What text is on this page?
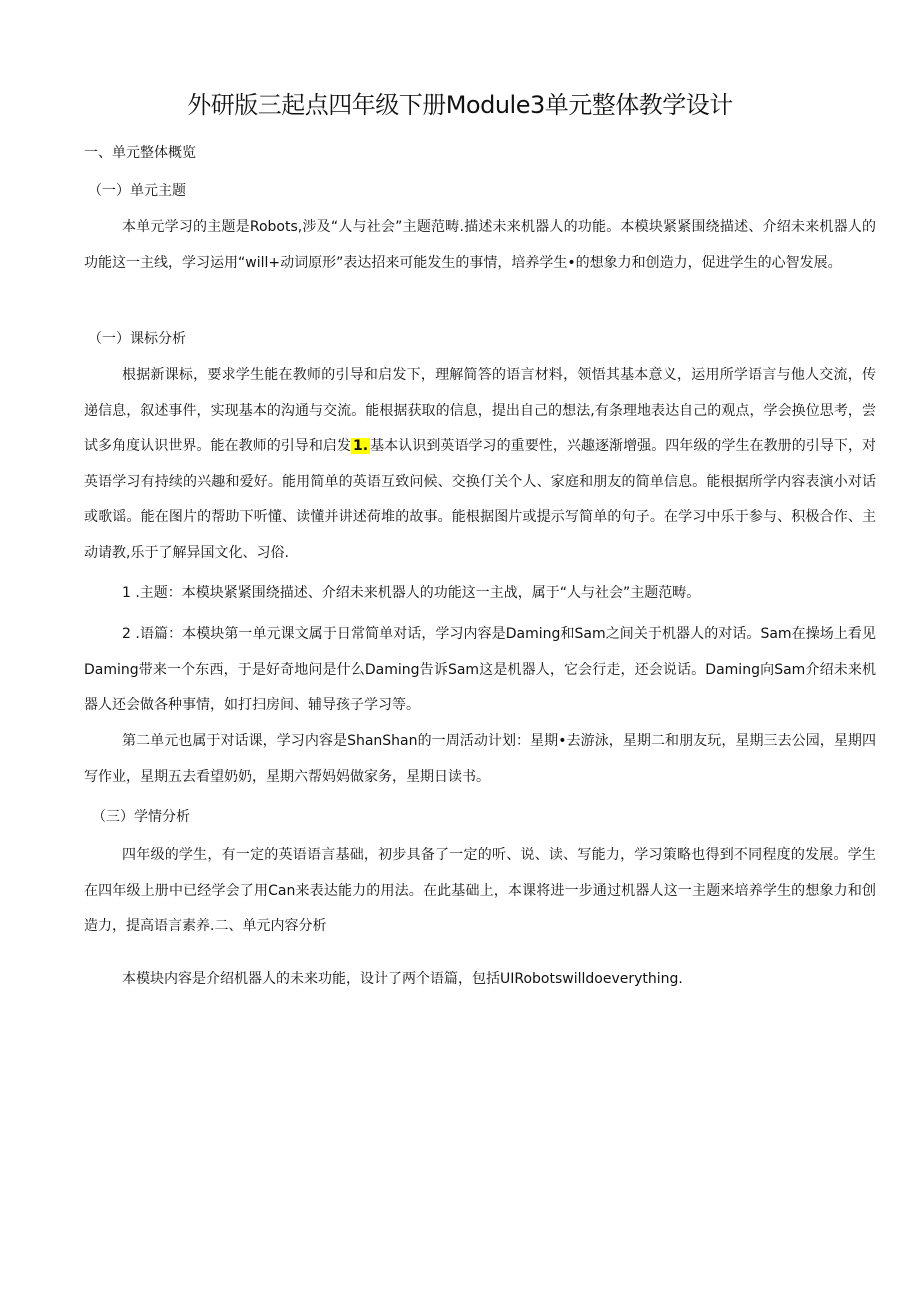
外研版三起点四年级下册Module3单元整体教学设计
一、单元整体概览
（一）单元主题
本单元学习的主题是Robots,涉及“人与社会”主题范畴.描述未来机器人的功能。本模块紧紧围绕描述、介绍未来机器人的功能这一主线，学习运用“will+动词原形”表达招来可能发生的事情，培养学生•的想象力和创造力，促进学生的心智发展。
（一）课标分析
根据新课标，要求学生能在教师的引导和启发下，理解简答的语言材料，领悟其基本意义，运用所学语言与他人交流，传递信息，叙述事件，实现基本的沟通与交流。能根据获取的信息，提出自己的想法,有条理地表达自己的观点，学会换位思考，尝试多角度认识世界。能在教师的引导和启发 1. 基本认识到英语学习的重要性，兴趣逐渐增强。四年级的学生在教册的引导下，对英语学习有持续的兴趣和爱好。能用简单的英语互致问候、交换仃关个人、家庭和朋友的简单信息。能根据所学内容表演小对话或歌谣。能在图片的帮助下听懂、读懂并讲述荷堆的故事。能根据图片或提示写简单的句子。在学习中乐于参与、积极合作、主动请教,乐于了解异国文化、习俗.
1 .主题：本模块紧紧围绕描述、介绍未来机器人的功能这一主战，属于“人与社会”主题范畴。
2 .语篇：本模块第一单元课文属于日常简单对话，学习内容是Daming和Sam之间关于机器人的对话。Sam在操场上看见Daming带来一个东西，于是好奇地问是什么Daming告诉Sam这是机器人，它会行走，还会说话。Daming向Sam介绍未来机器人还会做各种事情，如打扫房间、辅导孩子学习等。
第二单元也属于对话课，学习内容是ShanShan的一周活动计划：星期•去游泳，星期二和朋友玩，星期三去公园，星期四写作业，星期五去看望奶奶，星期六帮妈妈做家务，星期日读书。
（三）学情分析
四年级的学生，有一定的英语语言基础，初步具备了一定的听、说、读、写能力，学习策略也得到不同程度的发展。学生在四年级上册中已经学会了用Can来表达能力的用法。在此基础上，本课将进一步通过机器人这一主题来培养学生的想象力和创造力，提高语言素养.二、单元内容分析
本模块内容是介绍机器人的未来功能，设计了两个语篇，包括UIRobotswilldoeverything.
